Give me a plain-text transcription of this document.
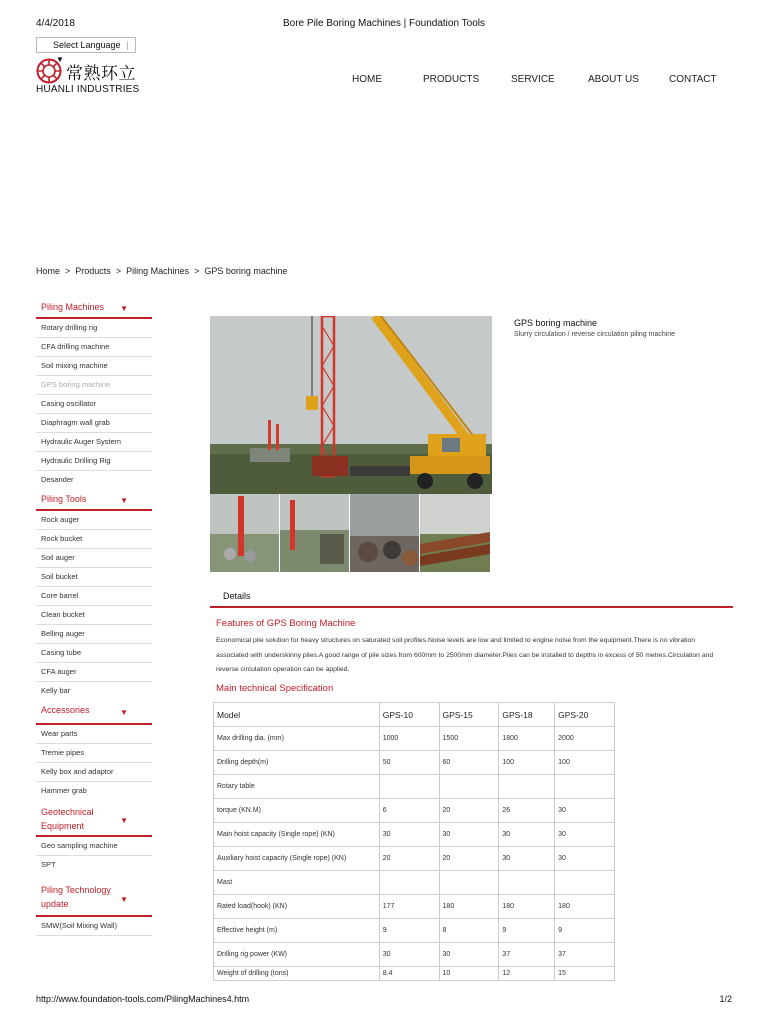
4/4/2018	Bore Pile Boring Machines | Foundation Tools
Select Language | ▼
常熟环立
HUANLI INDUSTRIES
HOME	PRODUCTS	SERVICE	ABOUT US	CONTACT
Home > Products > Piling Machines > GPS boring machine
Piling Machines ▼
Rotary drilling rig
CFA drilling machine
Soil mixing machine
GPS boring machine
Casing oscillator
Diaphragm wall grab
Hydraulic Auger System
Hydraulic Drilling Rig
Desander
Piling Tools	▼
Rock auger
Rock bucket
Soil auger
Soil bucket
Core barrel
Clean bucket
Belling auger
Casing tube
CFA auger
Kelly bar
Accessories	▼
Wear parts
Tremie pipes
Kelly box and adaptor
Hammer grab
Geotechnical Equipment
▼
Geo sampling machine
SPT
Piling Technology update	▼
SMW(Soil Mixing Wall)
GPS boring machine
Slurry circulation / reverse circulation piling machine
Details
Features of GPS Boring Machine
Economical pile solution for heavy structures on saturated soil profiles.Noise levels are low and limited to engine noise from the equipment.There is no vibration associated with underskinny piles.A good range of pile sizes from 600mm to 2500mm diameter.Piles can be installed to depths in excess of 50 metres.Circulation and reverse circulation operation can be applied.
Main technical Specification
Model	GPS-10	GPS-15	GPS-18	GPS-20
Max drilling dia. (mm)	1000	1500	1800	2000
Drilling depth(m)	50	60	100	100
Rotary table				
torque (KN.M)	6	20	26	30
Main hoist capacity (Single rope) (KN)	30	30	30	30
Auxiliary hoist capacity (Single rope) (KN)	20	20	30	30
Mast				
Rated load(hook) (KN)	177	180	180	180
Effective height (m)	9	8	9	9
Drilling rig power (KW)	30	30	37	37
Weight of drilling (tons)	8.4	10	12	15
http://www.foundation-tools.com/PilingMachines4.htm	1/2
